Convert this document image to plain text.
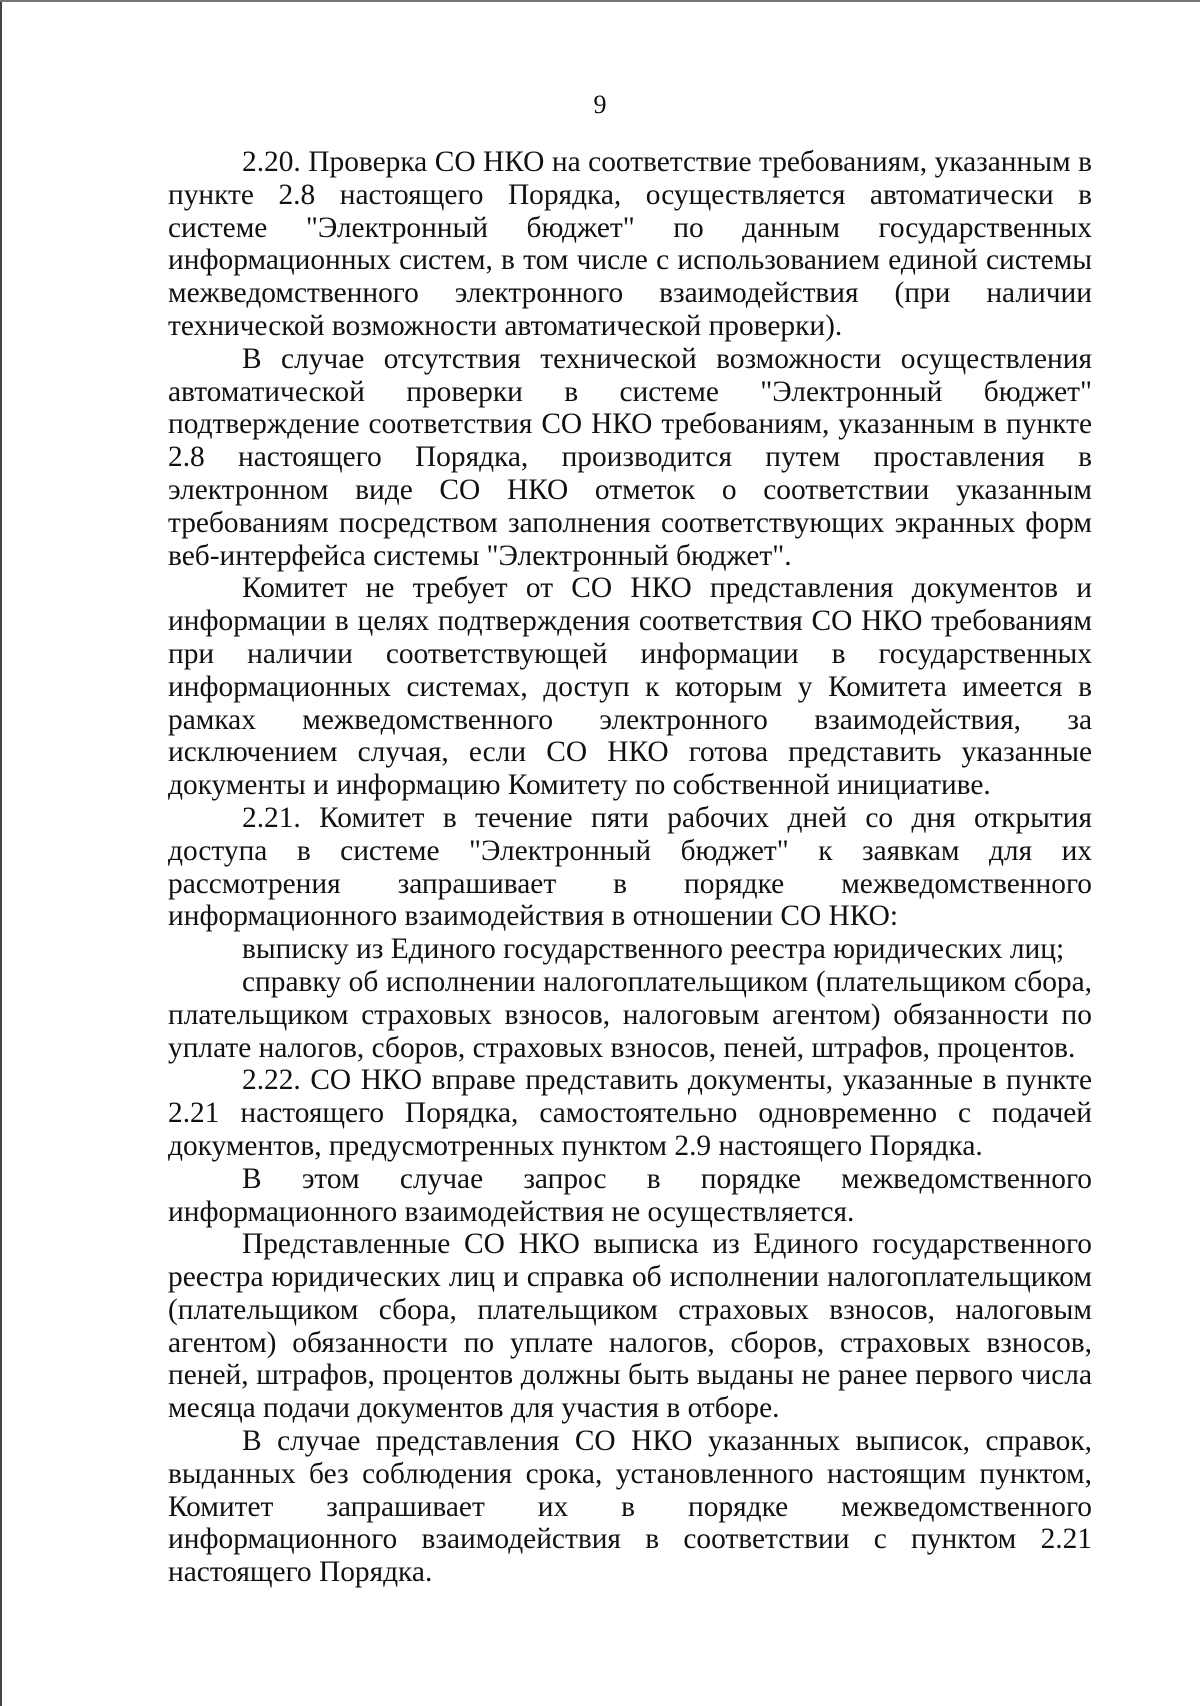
9

2.20. Проверка СО НКО на соответствие требованиям, указанным в пункте 2.8 настоящего Порядка, осуществляется автоматически в системе "Электронный бюджет" по данным государственных информационных систем, в том числе с использованием единой системы межведомственного электронного взаимодействия (при наличии технической возможности автоматической проверки).

В случае отсутствия технической возможности осуществления автоматической проверки в системе "Электронный бюджет" подтверждение соответствия СО НКО требованиям, указанным в пункте 2.8 настоящего Порядка, производится путем проставления в электронном виде СО НКО отметок о соответствии указанным требованиям посредством заполнения соответствующих экранных форм веб-интерфейса системы "Электронный бюджет".

Комитет не требует от СО НКО представления документов и информации в целях подтверждения соответствия СО НКО требованиям при наличии соответствующей информации в государственных информационных системах, доступ к которым у Комитета имеется в рамках межведомственного электронного взаимодействия, за исключением случая, если СО НКО готова представить указанные документы и информацию Комитету по собственной инициативе.

2.21. Комитет в течение пяти рабочих дней со дня открытия доступа в системе "Электронный бюджет" к заявкам для их рассмотрения запрашивает в порядке межведомственного информационного взаимодействия в отношении СО НКО:

выписку из Единого государственного реестра юридических лиц;

справку об исполнении налогоплательщиком (плательщиком сбора, плательщиком страховых взносов, налоговым агентом) обязанности по уплате налогов, сборов, страховых взносов, пеней, штрафов, процентов.

2.22. СО НКО вправе представить документы, указанные в пункте 2.21 настоящего Порядка, самостоятельно одновременно с подачей документов, предусмотренных пунктом 2.9 настоящего Порядка.

В этом случае запрос в порядке межведомственного информационного взаимодействия не осуществляется.

Представленные СО НКО выписка из Единого государственного реестра юридических лиц и справка об исполнении налогоплательщиком (плательщиком сбора, плательщиком страховых взносов, налоговым агентом) обязанности по уплате налогов, сборов, страховых взносов, пеней, штрафов, процентов должны быть выданы не ранее первого числа месяца подачи документов для участия в отборе.

В случае представления СО НКО указанных выписок, справок, выданных без соблюдения срока, установленного настоящим пунктом, Комитет запрашивает их в порядке межведомственного информационного взаимодействия в соответствии с пунктом 2.21 настоящего Порядка.
